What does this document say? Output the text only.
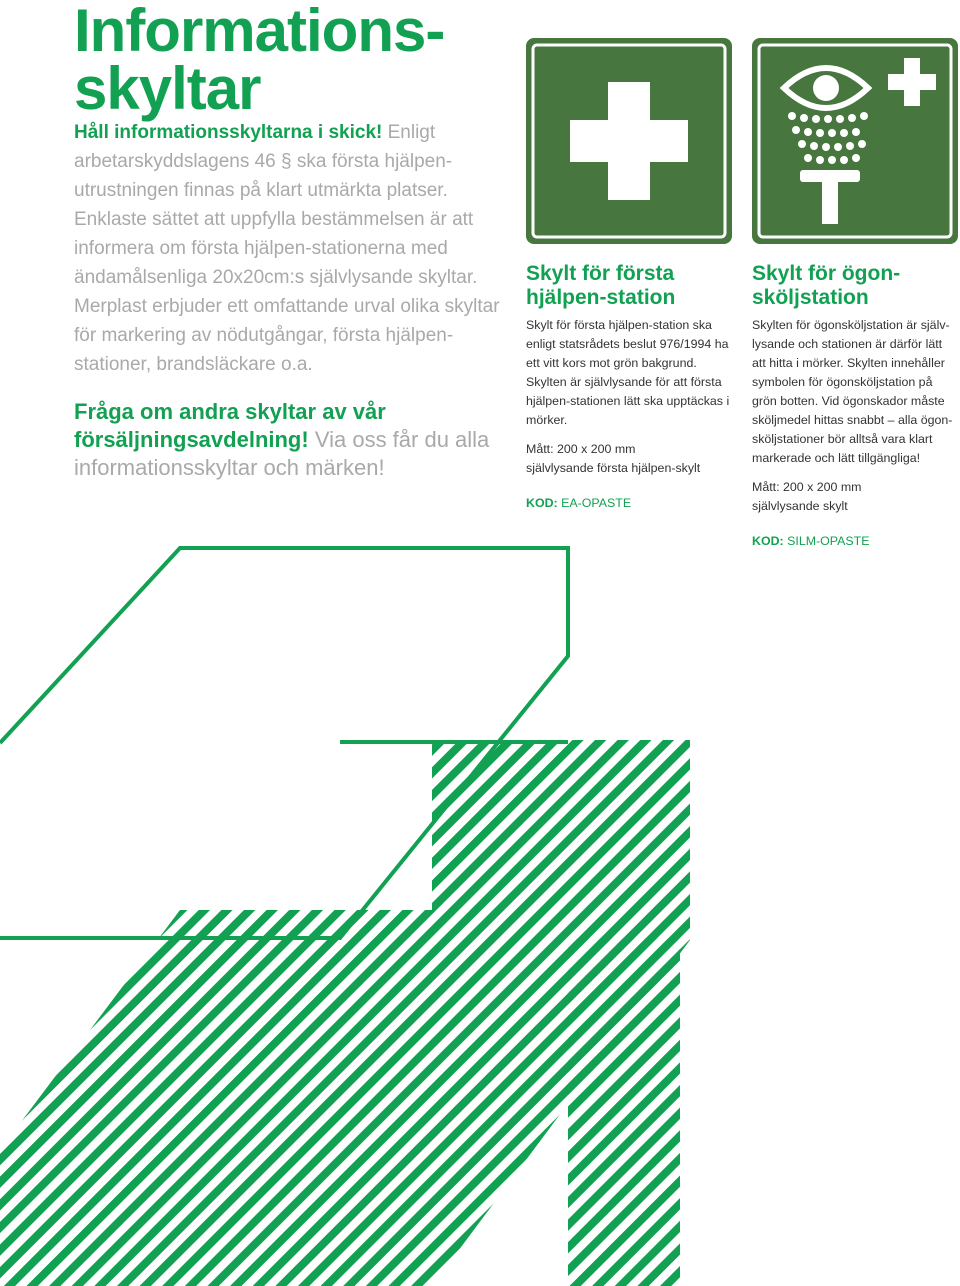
Informations-
skyltar

Håll informationsskyltarna i skick! Enligt arbetarskyddslagens 46 § ska första hjälpen-utrustningen finnas på klart utmärkta platser. Enklaste sättet att uppfylla bestämmelsen är att informera om första hjälpen-stationerna med ändamålsenliga 20x20cm:s självlysande skyltar. Merplast erbjuder ett omfattande urval olika skyltar för markering av nödutgångar, första hjälpen-stationer, brandsläckare o.a.

Fråga om andra skyltar av vår försäljningsavdelning! Via oss får du alla informationsskyltar och märken!

Skylt för första hjälpen-station

Skylt för första hjälpen-station ska enligt statsrådets beslut 976/1994 ha ett vitt kors mot grön bakgrund. Skylten är självlysande för att första hjälpen-stationen lätt ska upptäckas i mörker.

Mått: 200 x 200 mm
självlysande första hjälpen-skylt

KOD: EA-OPASTE

Skylt för ögon-sköljstation

Skylten för ögonsköljstation är själv-lysande och stationen är därför lätt att hitta i mörker. Skylten innehåller symbolen för ögonsköljstation på grön botten. Vid ögonskador måste sköljmedel hittas snabbt – alla ögon-sköljstationer bör alltså vara klart markerade och lätt tillgängliga!

Mått: 200 x 200 mm
självlysande skylt

KOD: SILM-OPASTE
